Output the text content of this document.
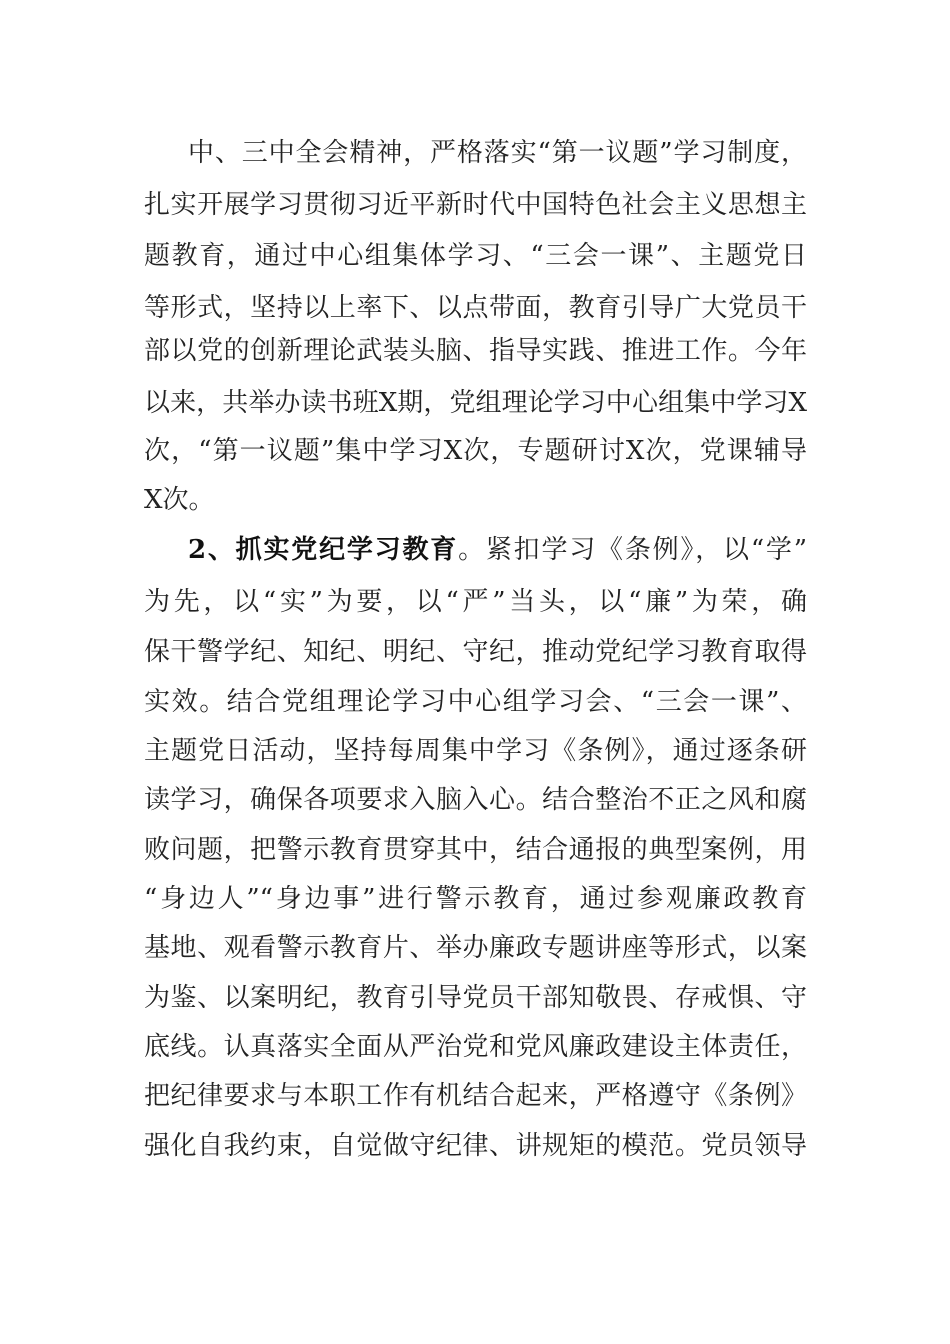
中、三中全会精神，严格落实“第一议题”学习制度，
扎实开展学习贯彻习近平新时代中国特色社会主义思想主
题教育，通过中心组集体学习、“三会一课”、主题党日
等形式，坚持以上率下、以点带面，教育引导广大党员干
部以党的创新理论武装头脑、指导实践、推进工作。今年
以来，共举办读书班X期，党组理论学习中心组集中学习X
次，“第一议题”集中学习X次，专题研讨X次，党课辅导
X次。
2、抓实党纪学习教育。紧扣学习《条例》，以“学”
为先，以“实”为要，以“严”当头，以“廉”为荣，确
保干警学纪、知纪、明纪、守纪，推动党纪学习教育取得
实效。结合党组理论学习中心组学习会、“三会一课”、
主题党日活动，坚持每周集中学习《条例》，通过逐条研
读学习，确保各项要求入脑入心。结合整治不正之风和腐
败问题，把警示教育贯穿其中，结合通报的典型案例，用
“身边人”“身边事”进行警示教育，通过参观廉政教育
基地、观看警示教育片、举办廉政专题讲座等形式，以案
为鉴、以案明纪，教育引导党员干部知敬畏、存戒惧、守
底线。认真落实全面从严治党和党风廉政建设主体责任，
把纪律要求与本职工作有机结合起来，严格遵守《条例》
强化自我约束，自觉做守纪律、讲规矩的模范。党员领导
